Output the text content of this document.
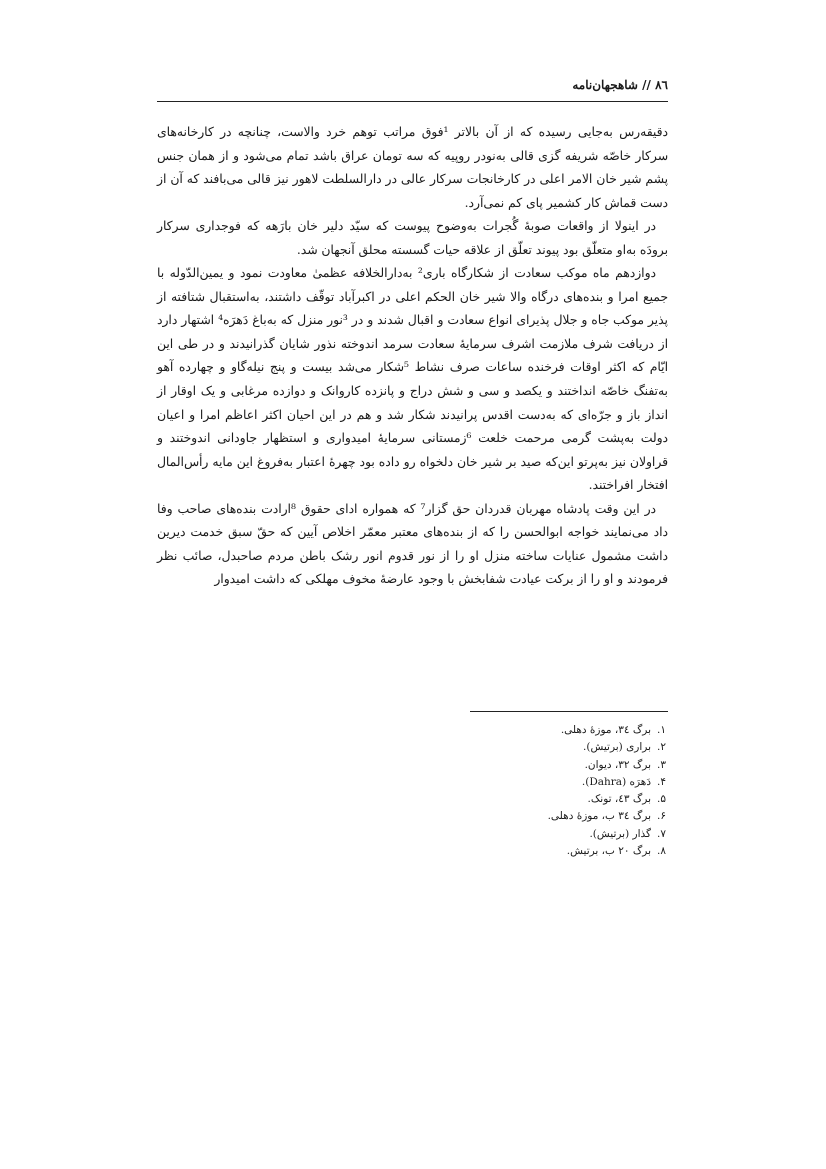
۸٦ // شاهجهان‌نامه

دقیقه‌رس به‌جایی رسیده که از آن بالاتر ¹فوق مراتب توهم خرد والاست، چنانچه در کارخانه‌های سرکار خاصّه شریفه گزی قالی به‌نودر روپیه که سه تومان عراق باشد تمام می‌شود و از همان جنس پشم شیر خان الامر اعلی در کارخانجات سرکار عالی در دارالسلطت لاهور نیز قالی می‌بافند که آن از دست قماش کار کشمیر پای کم نمی‌آرد.

در اینولا از واقعات صوبهٔ گُجرات به‌وضوح پیوست که سیّد دلیر خان بارَهه که فوجداری سرکار برودَه به‌او متعلّق بود پیوند تعلّق از علاقه حیات گسسته محلق آنجهان شد.

دوازدهم ماه موکب سعادت از شکارگاه باری² به‌دارالخلافه عظمیٰ معاودت نمود و یمین‌الدّوله با جمیع امرا و بنده‌های درگاه والا شیر خان الحکم اعلی در اکبرآباد توقّف داشتند، به‌استقبال شتافته از پذیر موکب جاه و جلال پذیرای انواع سعادت و اقبال شدند و در ³نور منزل که به‌باغ دَهرَه⁴ اشتهار دارد از دریافت شرف ملازمت اشرف سرمایهٔ سعادت سرمد اندوخته نذور شایان گذرانیدند و در طی این ایّام که اکثر اوقات فرخنده ساعات صرف نشاط ⁵شکار می‌شد بیست و پنج نیله‌گاو و چهارده آهو به‌تفنگ خاصّه انداختند و یکصد و سی و شش دراج و پانزده کاروانک و دوازده مرغابی و یک اوقار از انداز باز و جرّه‌ای که به‌دست اقدس پرانیدند شکار شد و هم در این احیان اکثر اعاظم امرا و اعیان دولت به‌پشت گرمی مرحمت خلعت ⁶زمستانی سرمایهٔ امیدواری و استظهار جاودانی اندوختند و قراولان نیز به‌پرتو این‌که صید بر شیر خان دلخواه رو داده بود چهرهٔ اعتبار به‌فروغ این مایه رأس‌المال افتخار افراختند.

در این وقت پادشاه مهربان قدردان حق گزار⁷ که همواره ادای حقوق ⁸ارادت بنده‌های صاحب وفا داد می‌نمایند خواجه ابوالحسن را که از بنده‌های معتبر معمّر اخلاص آیین که حقّ سبق خدمت دیرین داشت مشمول عنایات ساخته منزل او را از نور قدوم انور رشک باطن مردم صاحبدل، صائب نظر فرمودند و او را از برکت عیادت شفابخش با وجود عارضهٔ مخوف مهلکی که داشت امیدوار

۱.برگ ۳٤، موزهٔ دهلی.
۲.براری (برتیش).
۳.برگ ۳۲، دیوان.
۴.دَهرَه (Dahra).
۵.برگ ٤۳، تونک.
۶.برگ ۳٤ ب، موزهٔ دهلی.
۷.گذار (برتیش).
۸.برگ ۲۰ ب، برتیش.
